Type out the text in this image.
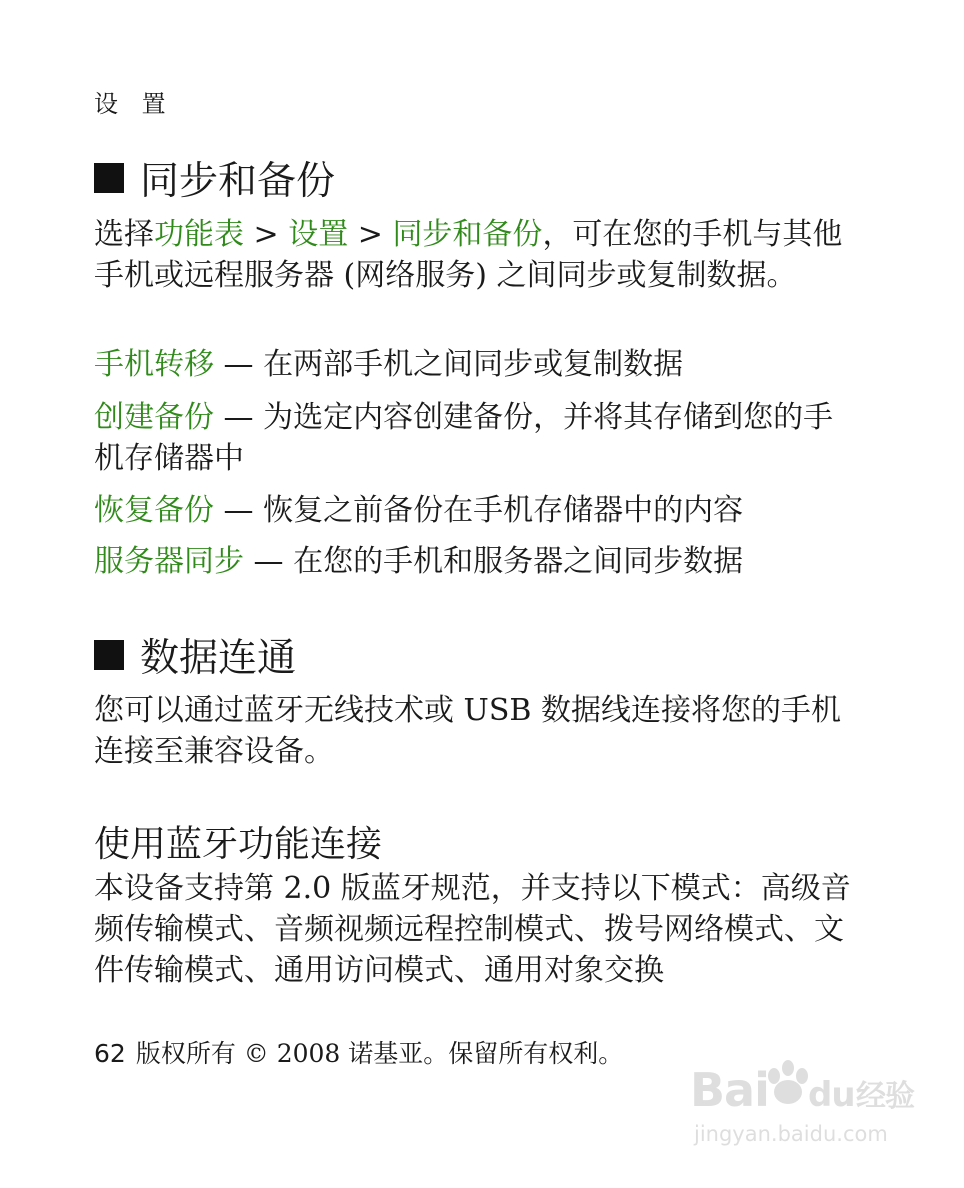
设 置
同步和备份
选择功能表 > 设置 > 同步和备份，可在您的手机与其他手机或远程服务器 (网络服务) 之间同步或复制数据。
手机转移 — 在两部手机之间同步或复制数据
创建备份 — 为选定内容创建备份，并将其存储到您的手机存储器中
恢复备份 — 恢复之前备份在手机存储器中的内容
服务器同步 — 在您的手机和服务器之间同步数据
数据连通
您可以通过蓝牙无线技术或 USB 数据线连接将您的手机连接至兼容设备。
使用蓝牙功能连接
本设备支持第 2.0 版蓝牙规范，并支持以下模式：高级音频传输模式、音频视频远程控制模式、拨号网络模式、文件传输模式、通用访问模式、通用对象交换
62 版权所有 © 2008 诺基亚。保留所有权利。
Bai du 经验
jingyan.baidu.com
